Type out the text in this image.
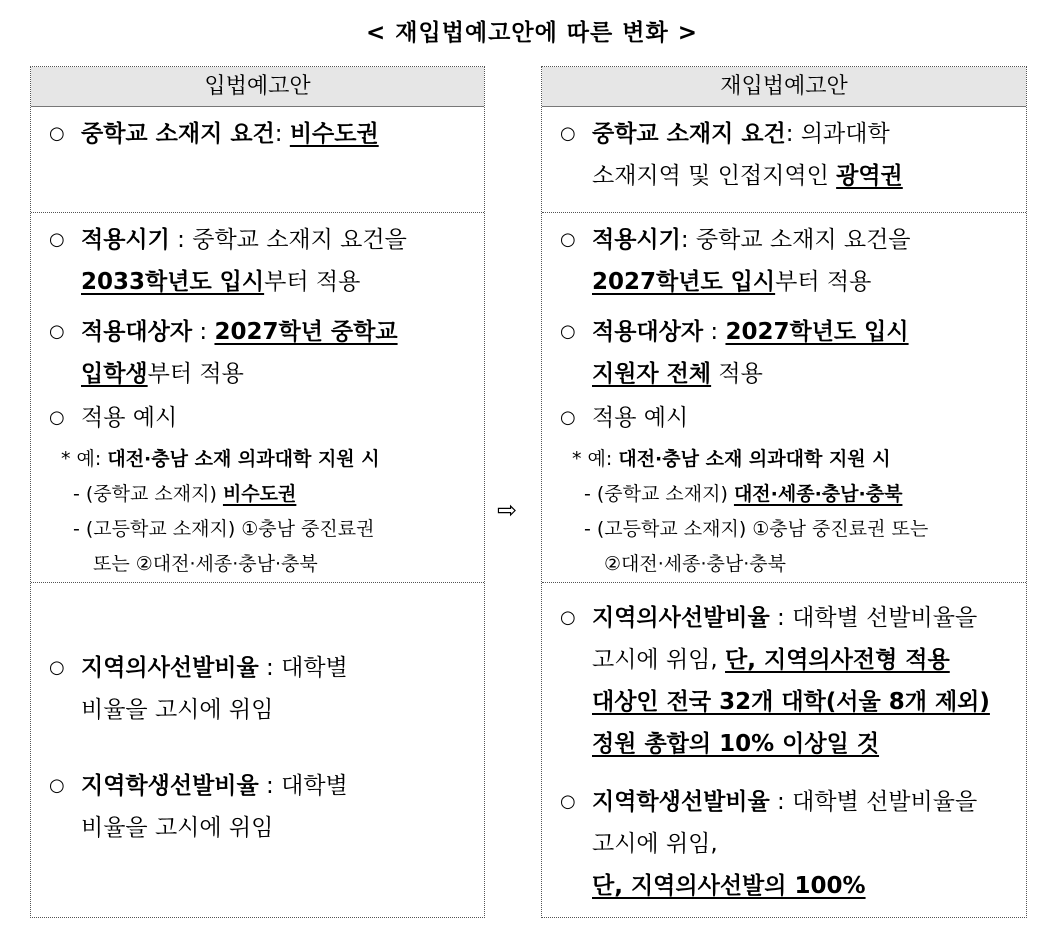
< 재입법예고안에 따른 변화 >
입법예고안
○ 중학교 소재지 요건: 비수도권
○ 적용시기 : 중학교 소재지 요건을
2033학년도 입시부터 적용
○ 적용대상자 : 2027학년 중학교
입학생부터 적용
○ 적용 예시
* 예: 대전·충남 소재 의과대학 지원 시
- (중학교 소재지) 비수도권
- (고등학교 소재지) ①충남 중진료권
또는 ②대전·세종·충남·충북
○ 지역의사선발비율 : 대학별
비율을 고시에 위임
○ 지역학생선발비율 : 대학별
비율을 고시에 위임
⇨
재입법예고안
○ 중학교 소재지 요건: 의과대학
소재지역 및 인접지역인 광역권
○ 적용시기: 중학교 소재지 요건을
2027학년도 입시부터 적용
○ 적용대상자 : 2027학년도 입시
지원자 전체 적용
○ 적용 예시
* 예: 대전·충남 소재 의과대학 지원 시
- (중학교 소재지) 대전·세종·충남·충북
- (고등학교 소재지) ①충남 중진료권 또는
②대전·세종·충남·충북
○ 지역의사선발비율 : 대학별 선발비율을
고시에 위임, 단, 지역의사전형 적용
대상인 전국 32개 대학(서울 8개 제외)
정원 총합의 10% 이상일 것
○ 지역학생선발비율 : 대학별 선발비율을
고시에 위임,
단, 지역의사선발의 100%
